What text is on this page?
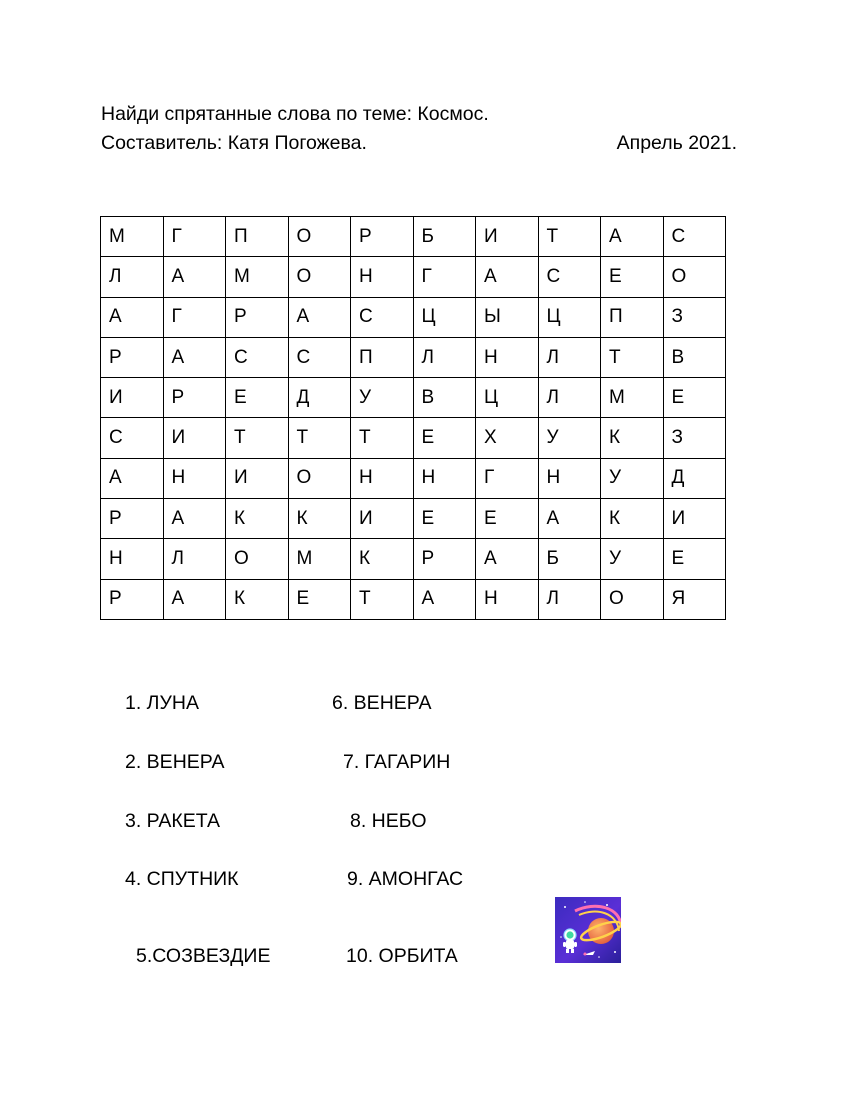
Найди спрятанные слова по теме: Космос.
Составитель: Катя Погожева.	Апрель 2021.
М	Г	П	О	Р	Б	И	Т	А	С
Л	А	М	О	Н	Г	А	С	Е	О
А	Г	Р	А	С	Ц	Ы	Ц	П	З
Р	А	С	С	П	Л	Н	Л	Т	В
И	Р	Е	Д	У	В	Ц	Л	М	Е
С	И	Т	Т	Т	Е	Х	У	К	З
А	Н	И	О	Н	Н	Г	Н	У	Д
Р	А	К	К	И	Е	Е	А	К	И
Н	Л	О	М	К	Р	А	Б	У	Е
Р	А	К	Е	Т	А	Н	Л	О	Я
1. ЛУНА
2. ВЕНЕРА
3. РАКЕТА
4. СПУТНИК
5.СОЗВЕЗДИЕ
6. ВЕНЕРА
7. ГАГАРИН
8. НЕБО
9. АМОНГАС
10. ОРБИТА
